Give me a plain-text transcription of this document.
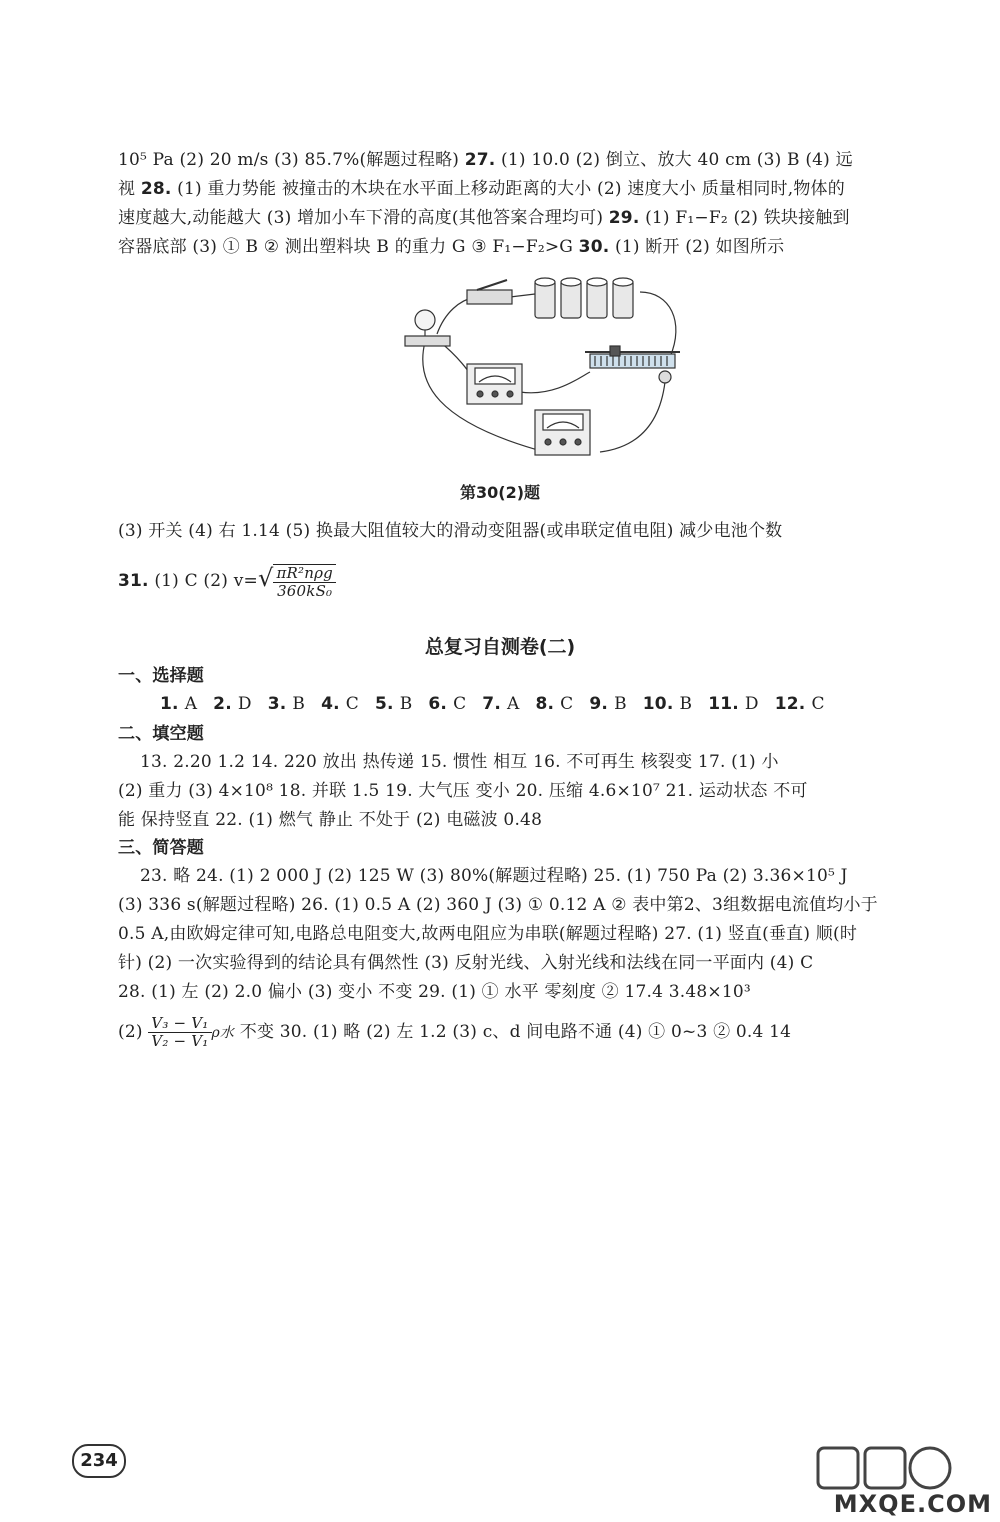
10⁵ Pa (2) 20 m/s (3) 85.7%(解题过程略) 27. (1) 10.0 (2) 倒立、放大 40 cm (3) B (4) 远
视 28. (1) 重力势能 被撞击的木块在水平面上移动距离的大小 (2) 速度大小 质量相同时,物体的
速度越大,动能越大 (3) 增加小车下滑的高度(其他答案合理均可) 29. (1) F₁−F₂ (2) 铁块接触到
容器底部 (3) ① B ② 测出塑料块 B 的重力 G ③ F₁−F₂>G 30. (1) 断开 (2) 如图所示
第30(2)题
(3) 开关 (4) 右 1.14 (5) 换最大阻值较大的滑动变阻器(或串联定值电阻) 减少电池个数
31. (1) C (2) $v=√ \frac{\text{πR²nρg}}{\text{360kS₀}}$
总复习自测卷(二)
一、选择题
1. A 2. D 3. B 4. C 5. B 6. C 7. A 8. C 9. B 10. B 11. D 12. C
二、填空题
13. 2.20 1.2 14. 220 放出 热传递 15. 惯性 相互 16. 不可再生 核裂变 17. (1) 小
(2) 重力 (3) 4×10⁸ 18. 并联 1.5 19. 大气压 变小 20. 压缩 4.6×10⁷ 21. 运动状态 不可
能 保持竖直 22. (1) 燃气 静止 不处于 (2) 电磁波 0.48
三、简答题
23. 略 24. (1) 2 000 J (2) 125 W (3) 80%(解题过程略) 25. (1) 750 Pa (2) 3.36×10⁵ J
(3) 336 s(解题过程略) 26. (1) 0.5 A (2) 360 J (3) ① 0.12 A ② 表中第2、3组数据电流值均小于
0.5 A,由欧姆定律可知,电路总电阻变大,故两电阻应为串联(解题过程略) 27. (1) 竖直(垂直) 顺(时
针) (2) 一次实验得到的结论具有偶然性 (3) 反射光线、入射光线和法线在同一平面内 (4) C
28. (1) 左 (2) 2.0 偏小 (3) 变小 不变 29. (1) ① 水平 零刻度 ② 17.4 3.48×10³
$(2) \frac{\text{V₃ − V₁}}{\text{V₂ − V₁}}$ ρ水 不变 30. (1) 略 (2) 左 1.2 (3) c、d 间电路不通 (4) ① 0~3 ② 0.4 14
234
MXQE.COM
